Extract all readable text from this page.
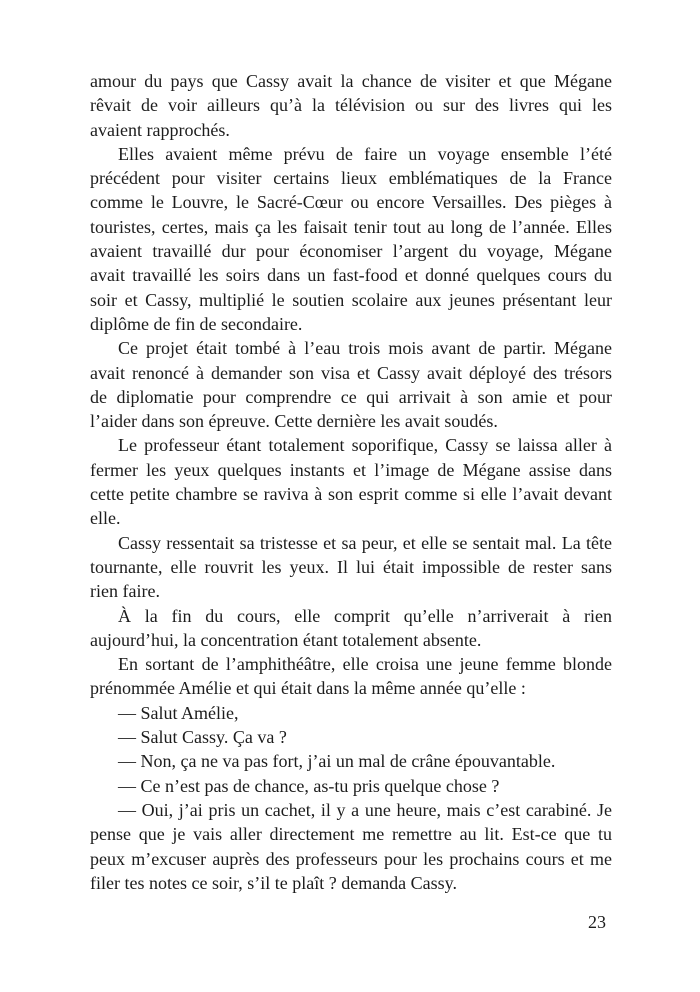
amour du pays que Cassy avait la chance de visiter et que Mégane
rêvait de voir ailleurs qu’à la télévision ou sur des livres qui les
avaient rapprochés.
Elles avaient même prévu de faire un voyage ensemble l’été
précédent pour visiter certains lieux emblématiques de la France
comme le Louvre, le Sacré-Cœur ou encore Versailles. Des pièges à
touristes, certes, mais ça les faisait tenir tout au long de l’année. Elles
avaient travaillé dur pour économiser l’argent du voyage, Mégane
avait travaillé les soirs dans un fast-food et donné quelques cours du
soir et Cassy, multiplié le soutien scolaire aux jeunes présentant leur
diplôme de fin de secondaire.
Ce projet était tombé à l’eau trois mois avant de partir. Mégane
avait renoncé à demander son visa et Cassy avait déployé des trésors
de diplomatie pour comprendre ce qui arrivait à son amie et pour
l’aider dans son épreuve. Cette dernière les avait soudés.
Le professeur étant totalement soporifique, Cassy se laissa aller à
fermer les yeux quelques instants et l’image de Mégane assise dans
cette petite chambre se raviva à son esprit comme si elle l’avait devant
elle.
Cassy ressentait sa tristesse et sa peur, et elle se sentait mal. La tête
tournante, elle rouvrit les yeux. Il lui était impossible de rester sans
rien faire.
À la fin du cours, elle comprit qu’elle n’arriverait à rien
aujourd’hui, la concentration étant totalement absente.
En sortant de l’amphithéâtre, elle croisa une jeune femme blonde
prénommée Amélie et qui était dans la même année qu’elle :
— Salut Amélie,
— Salut Cassy. Ça va ?
— Non, ça ne va pas fort, j’ai un mal de crâne épouvantable.
— Ce n’est pas de chance, as-tu pris quelque chose ?
— Oui, j’ai pris un cachet, il y a une heure, mais c’est carabiné. Je
pense que je vais aller directement me remettre au lit. Est-ce que tu
peux m’excuser auprès des professeurs pour les prochains cours et me
filer tes notes ce soir, s’il te plaît ? demanda Cassy.
23
